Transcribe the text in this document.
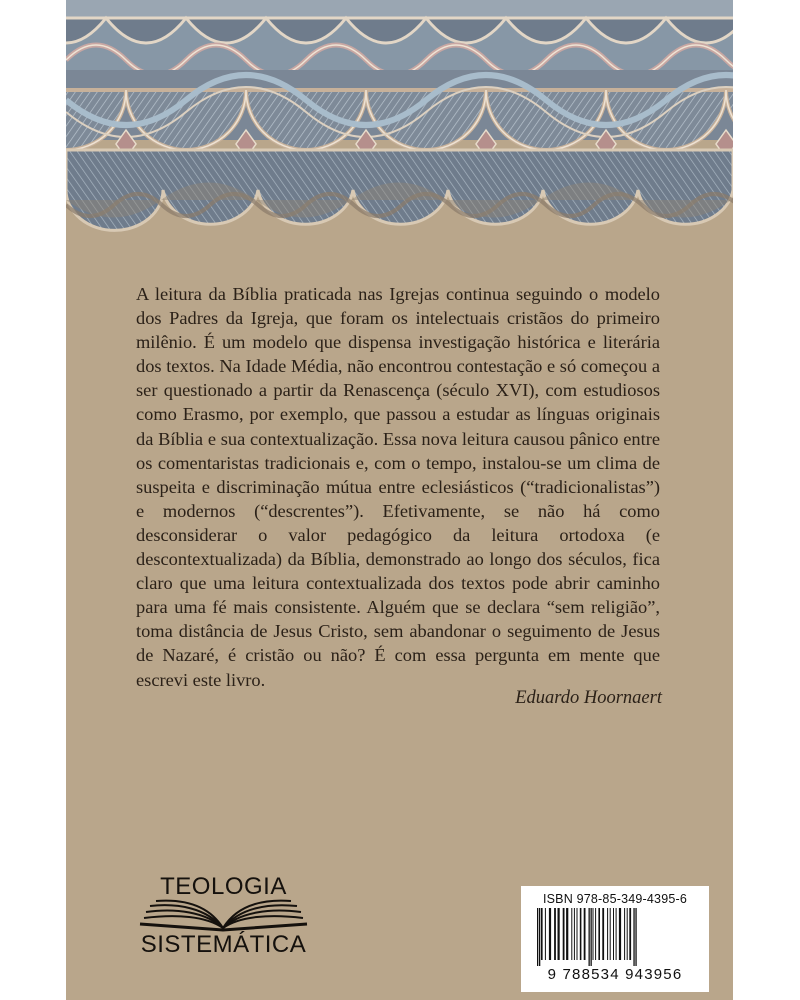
A leitura da Bíblia praticada nas Igrejas continua seguindo o modelo dos Padres da Igreja, que foram os intelectuais cristãos do primeiro milênio. É um modelo que dispensa investigação histórica e literária dos textos. Na Idade Média, não encontrou contestação e só começou a ser questionado a partir da Renascença (século XVI), com estudiosos como Erasmo, por exemplo, que passou a estudar as línguas originais da Bíblia e sua contextualização. Essa nova leitura causou pânico entre os comentaristas tradicionais e, com o tempo, instalou-se um clima de suspeita e discriminação mútua entre eclesiásticos (“tradicionalistas”) e modernos (“descrentes”). Efetivamente, se não há como desconsiderar o valor pedagógico da leitura ortodoxa (e descontextualizada) da Bíblia, demonstrado ao longo dos séculos, fica claro que uma leitura contextualizada dos textos pode abrir caminho para uma fé mais consistente. Alguém que se declara “sem religião”, toma distância de Jesus Cristo, sem abandonar o seguimento de Jesus de Nazaré, é cristão ou não? É com essa pergunta em mente que escrevi este livro.

Eduardo Hoornaert

TEOLOGIA
SISTEMÁTICA
ISBN 978-85-349-4395-6
9 788534 943956
